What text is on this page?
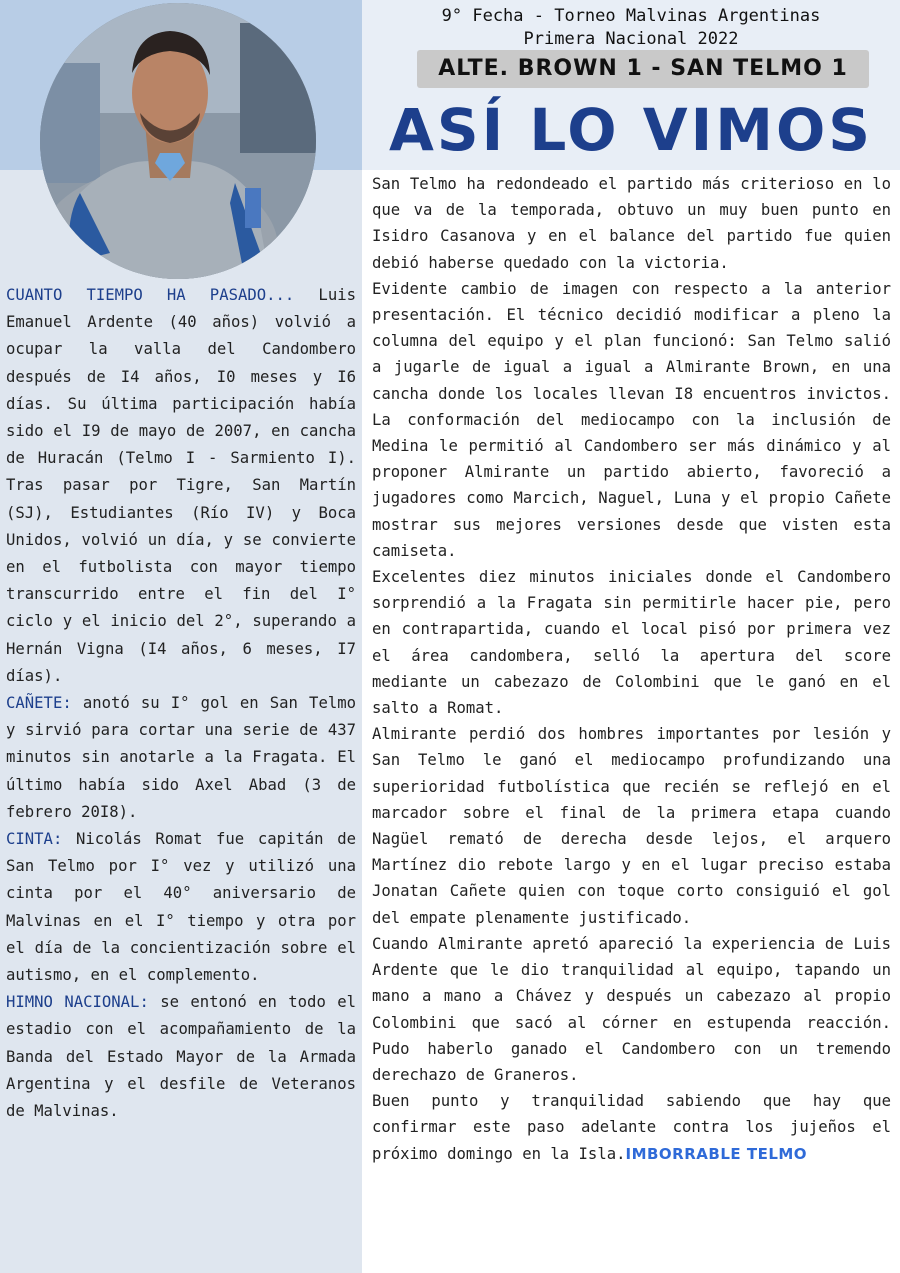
9° Fecha - Torneo Malvinas Argentinas
Primera Nacional 2022
ALTE. BROWN 1 - SAN TELMO 1
ASÍ LO VIMOS

CUANTO TIEMPO HA PASADO... Luis Emanuel Ardente (40 años) volvió a ocupar la valla del Candombero después de I4 años, I0 meses y I6 días. Su última participación había sido el I9 de mayo de 2007, en cancha de Huracán (Telmo I - Sarmiento I). Tras pasar por Tigre, San Martín (SJ), Estudiantes (Río IV) y Boca Unidos, volvió un día, y se convierte en el futbolista con mayor tiempo transcurrido entre el fin del I° ciclo y el inicio del 2°, superando a Hernán Vigna (I4 años, 6 meses, I7 días).

CAÑETE: anotó su I° gol en San Telmo y sirvió para cortar una serie de 437 minutos sin anotarle a la Fragata. El último había sido Axel Abad (3 de febrero 20I8).

CINTA: Nicolás Romat fue capitán de San Telmo por I° vez y utilizó una cinta por el 40° aniversario de Malvinas en el I° tiempo y otra por el día de la concientización sobre el autismo, en el complemento.

HIMNO NACIONAL: se entonó en todo el estadio con el acompañamiento de la Banda del Estado Mayor de la Armada Argentina y el desfile de Veteranos de Malvinas.

San Telmo ha redondeado el partido más criterioso en lo que va de la temporada, obtuvo un muy buen punto en Isidro Casanova y en el balance del partido fue quien debió haberse quedado con la victoria.

Evidente cambio de imagen con respecto a la anterior presentación. El técnico decidió modificar a pleno la columna del equipo y el plan funcionó: San Telmo salió a jugarle de igual a igual a Almirante Brown, en una cancha donde los locales llevan I8 encuentros invictos. La conformación del mediocampo con la inclusión de Medina le permitió al Candombero ser más dinámico y al proponer Almirante un partido abierto, favoreció a jugadores como Marcich, Naguel, Luna y el propio Cañete mostrar sus mejores versiones desde que visten esta camiseta.

Excelentes diez minutos iniciales donde el Candombero sorprendió a la Fragata sin permitirle hacer pie, pero en contrapartida, cuando el local pisó por primera vez el área candombera, selló la apertura del score mediante un cabezazo de Colombini que le ganó en el salto a Romat.

Almirante perdió dos hombres importantes por lesión y San Telmo le ganó el mediocampo profundizando una superioridad futbolística que recién se reflejó en el marcador sobre el final de la primera etapa cuando Nagüel remató de derecha desde lejos, el arquero Martínez dio rebote largo y en el lugar preciso estaba Jonatan Cañete quien con toque corto consiguió el gol del empate plenamente justificado.

Cuando Almirante apretó apareció la experiencia de Luis Ardente que le dio tranquilidad al equipo, tapando un mano a mano a Chávez y después un cabezazo al propio Colombini que sacó al córner en estupenda reacción. Pudo haberlo ganado el Candombero con un tremendo derechazo de Graneros.

Buen punto y tranquilidad sabiendo que hay que confirmar este paso adelante contra los jujeños el próximo domingo en la Isla.IMBORRABLE TELMO
